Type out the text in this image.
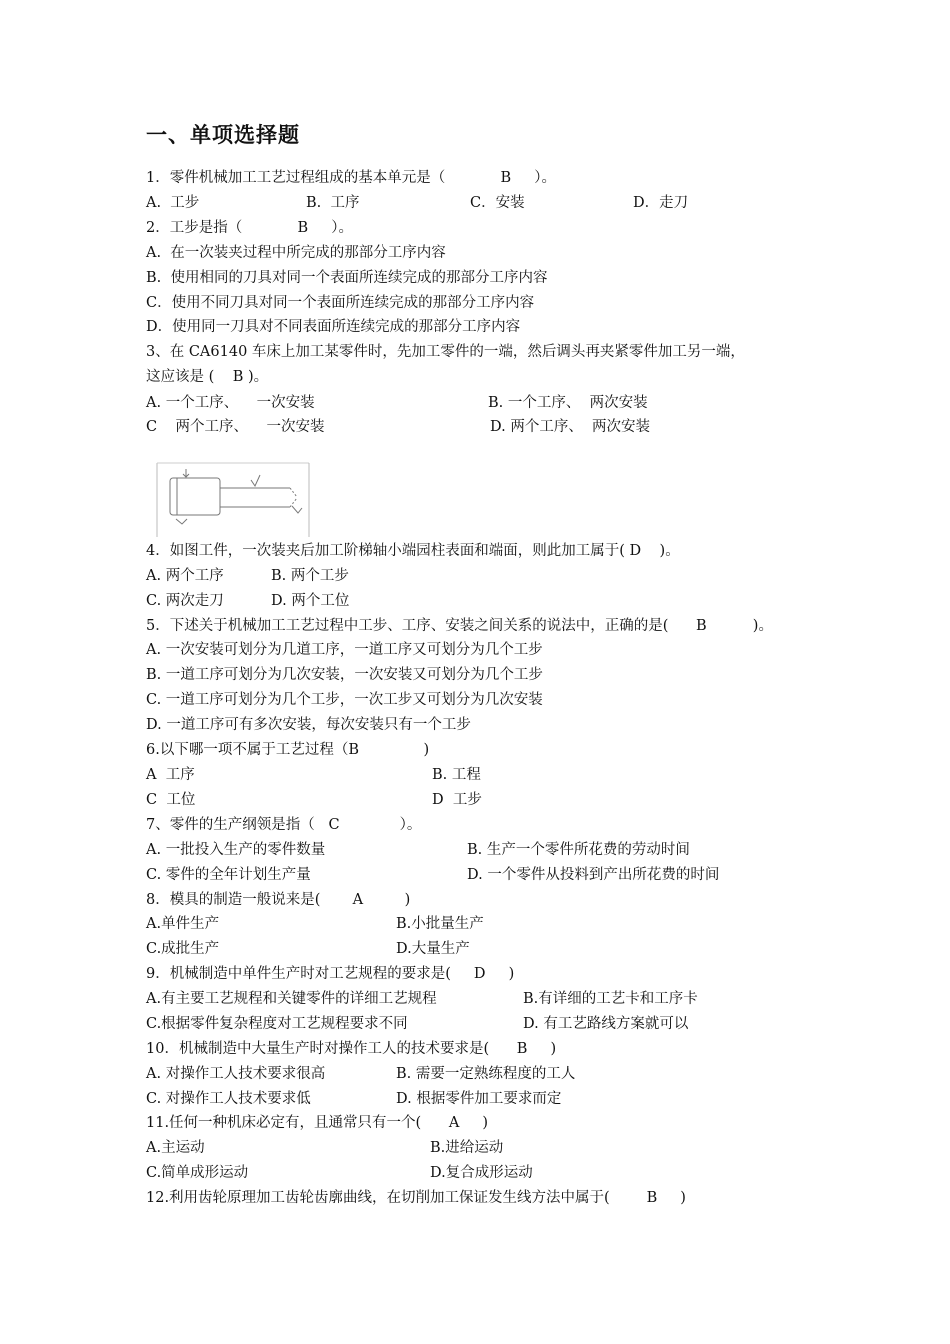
一、单项选择题
1．零件机械加工工艺过程组成的基本单元是（            B     ）。
A.  工步	B.  工序	C．安装	D．走刀
2．工步是指（            B     ）。
A.  在一次装夹过程中所完成的那部分工序内容
B.  使用相同的刀具对同一个表面所连续完成的那部分工序内容
C．使用不同刀具对同一个表面所连续完成的那部分工序内容
D．使用同一刀具对不同表面所连续完成的那部分工序内容
3、在 CA6140 车床上加工某零件时，先加工零件的一端，然后调头再夹紧零件加工另一端，
这应该是 (    B )。
A. 一个工序、    一次安装	B. 一个工序、  两次安装
C    两个工序、    一次安装	D. 两个工序、  两次安装
4．如图工件，一次装夹后加工阶梯轴小端园柱表面和端面，则此加工属于( D    )。
A. 两个工序	B. 两个工步
C. 两次走刀	D. 两个工位
5．下述关于机械加工工艺过程中工步、工序、安装之间关系的说法中，正确的是(      B          )。
A. 一次安装可划分为几道工序，一道工序又可划分为几个工步
B. 一道工序可划分为几次安装，一次安装又可划分为几个工步
C. 一道工序可划分为几个工步，一次工步又可划分为几次安装
D. 一道工序可有多次安装，每次安装只有一个工步
6.以下哪一项不属于工艺过程（B              )
A  工序	B. 工程
C  工位	D  工步
7、零件的生产纲领是指（   C             ）。
A. 一批投入生产的零件数量	B. 生产一个零件所花费的劳动时间
C. 零件的全年计划生产量	D. 一个零件从投料到产出所花费的时间
8．模具的制造一般说来是(       A         )
A.单件生产	B.小批量生产
C.成批生产	D.大量生产
9．机械制造中单件生产时对工艺规程的要求是(     D     )
A.有主要工艺规程和关键零件的详细工艺规程	B.有详细的工艺卡和工序卡
C.根据零件复杂程度对工艺规程要求不同	D. 有工艺路线方案就可以
10．机械制造中大量生产时对操作工人的技术要求是(      B     )
A. 对操作工人技术要求很高	B. 需要一定熟练程度的工人
C. 对操作工人技术要求低	D. 根据零件加工要求而定
11.任何一种机床必定有，且通常只有一个(      A     )
A.主运动	B.进给运动
C.简单成形运动	D.复合成形运动
12.利用齿轮原理加工齿轮齿廓曲线，在切削加工保证发生线方法中属于(        B     )
